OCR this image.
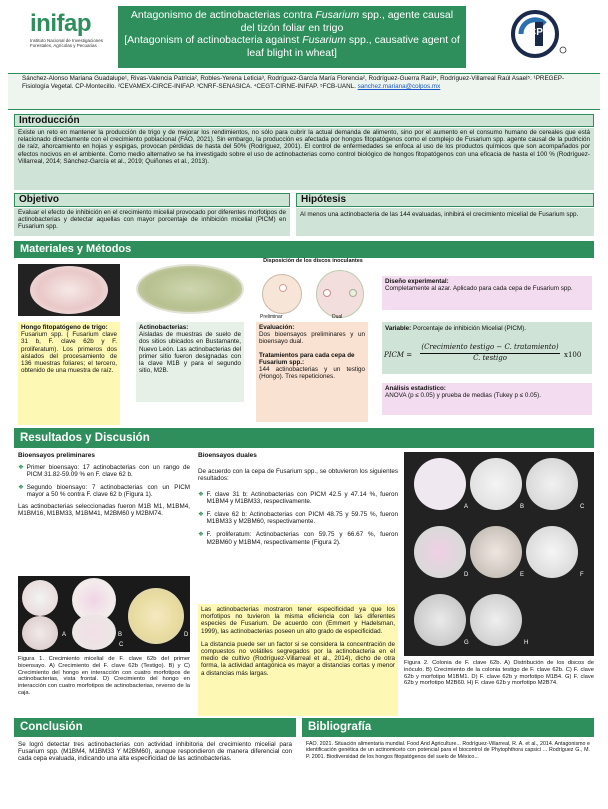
inifap
Instituto Nacional de Investigaciones Forestales, Agrícolas y Pecuarias
Antagonismo de actinobacterias contra Fusarium spp., agente causal del tizón foliar en trigo
[Antagonism of actinobacteria against Fusarium spp., causative agent of leaf blight in wheat]
CP
Sánchez-Alonso Mariana Guadalupe¹, Rivas-Valencia Patricia², Robles-Yerena Leticia³, Rodríguez-García María Florencia², Rodríguez-Guerra Raúl⁴, Rodríguez-Villarreal Raúl Asael⁵. ¹PREGEP-Fisiología Vegetal. CP-Montecillo. ²CEVAMEX-CIRCE-INIFAP. ³CNRF-SENASICA. ⁴CEGT-CIRNE-INIFAP. ⁵FCB-UANL. sanchez.mariana@colpos.mx
Introducción
Existe un reto en mantener la producción de trigo y de mejorar los rendimientos, no sólo para cubrir la actual demanda de alimento, sino por el aumento en el consumo humano de cereales que está relacionado directamente con el crecimiento poblacional (FAO, 2021). Sin embargo, la producción es afectada por hongos fitopatógenos como el complejo de Fusarium spp. agente causal de la pudrición de raíz, ahorcamiento en hojas y espigas, provocan pérdidas de hasta del 50% (Rodríguez, 2001). El control de enfermedades se enfoca al uso de los productos químicos que son acompañados por efectos nocivos en el ambiente. Como medio alternativo se ha investigado sobre el uso de actinobacterias como control biológico de hongos fitopatógenos con una eficacia de hasta el 100 % (Rodríguez-Villarreal, 2014; Sánchez-García et al., 2019; Quiñones et al., 2013).
Objetivo
Evaluar el efecto de inhibición en el crecimiento micelial provocado por diferentes morfotipos de actinobacterias y detectar aquellas con mayor porcentaje de inhibición micelial (PICM) en Fusarium spp.
Hipótesis
Al menos una actinobacteria de las 144 evaluadas, inhibirá el crecimiento micelial de Fusarium spp.
Materiales y Métodos
Disposición de los discos inoculantes
Preliminar	Dual
Hongo fitopatógeno de trigo:
Fusarium spp. ( Fusarium clave 31 b, F. clave 62b y F. proliferatum). Los primeros dos aislados del procesamiento de 136 muestras foliares; el tercero, obtenido de una muestra de raíz.
Actinobacterias:
Aisladas de muestras de suelo de dos sitios ubicados en Bustamante, Nuevo León. Las actinobacterias del primer sitio fueron designadas con la clave M1B y para el segundo sitio, M2B.
Evaluación:
Dos bioensayos preliminares y un bioensayo dual.
Tratamientos para cada cepa de Fusarium spp.:
144 actinobacterias y un testigo (Hongo). Tres repeticiones.
Diseño experimental:
Completamente al azar. Aplicado para cada cepa de Fusarium spp.
Variable: Porcentaje de inhibición Micelial (PICM).
PICM =
(Crecimiento testigo − C. tratamiento)
C. testigo	x100
Análisis estadístico:
ANOVA (p ≤ 0.05) y prueba de medias (Tukey p ≤ 0.05).
Resultados y Discusión
Bioensayos preliminares
❖ Primer bioensayo: 17 actinobacterias con un rango de PICM 31.82-59.09 % en F. clave 62 b.
❖ Segundo bioensayo: 7 actinobacterias con un PICM mayor a 50 % contra F. clave 62 b (Figura 1).
Las actinobacterias seleccionadas fueron M1B M1, M1BM4, M1BM16, M1BM33, M1BM41, M2BM60 y M2BM74.
A	B
C
D
Figura 1. Crecimiento micelial de F. clave 62b del primer bioensayo. A) Crecimiento del F. clave 62b (Testigo). B) y C) Crecimiento del hongo en interacción con cuatro morfotipos de actinobacterias, vista frontal. D) Crecimiento del hongo en interacción con cuatro morfotipos de actinobacterias, reverso de la caja.
Bioensayos duales
De acuerdo con la cepa de Fusarium spp., se obtuvieron los siguientes resultados:
❖ F. clave 31 b: Actinobacterias con PICM 42.5 y 47.14 %, fueron M1BM4 y M1BM33, respectivamente.
❖ F. clave 62 b: Actinobacterias con PICM 48.75 y 59.75 %, fueron M1BM33 y M2BM60, respectivamente.
❖ F. proliferatum: Actinobacterias con 59.75 y 66.67 %, fueron M2BM60 y M1BM4, respectivamente (Figura 2).
Las actinobacterias mostraron tener especificidad ya que los morfotipos no tuvieron la misma eficiencia con las diferentes especies de Fusarium. De acuerdo con (Emmert y Hadelsman, 1999), las actinobacterias poseen un alto grado de especificidad.
La distancia puede ser un factor si se considera la concentración de compuestos no volátiles segregados por la actinobacteria en el medio de cultivo (Rodríguez-Villarreal et al., 2014), dicho de otra forma, la actividad antagónica es mayor a distancias cortas y menor a distancias más largas.
A	B	C
D	E	F
G	H
Figura 2. Colonia de F. clave 62b. A) Distribución de los discos de inóculo. B) Crecimiento de la colonia testigo de F. clave 62b. C) F. clave 62b y morfotipo M1BM1. D) F. clave 62b y morfotipo M1B4. G) F. clave 62b y morfotipo M2B60. H) F. clave 62b y morfotipo M2B74.
Conclusión
Se logró detectar tres actinobacterias con actividad inhibitoria del crecimiento micelial para Fusarium spp. (M1BM4, M1BM33 Y M2BM60), aunque respondieron de manera diferencial con cada cepa evaluada, indicando una alta especificidad de las actinobacterias.
Bibliografía
FAO. 2021. Situación alimentaria mundial. Food And Agriculture... Rodríguez-Villarreal, R. A. et al., 2014. Antagonismo e identificación genética de un actinomiceto con potencial para el biocontrol de Phytophthora capsici ... Rodríguez G., M. P. 2001. Biodiversidad de los hongos fitopatógenos del suelo de México...
